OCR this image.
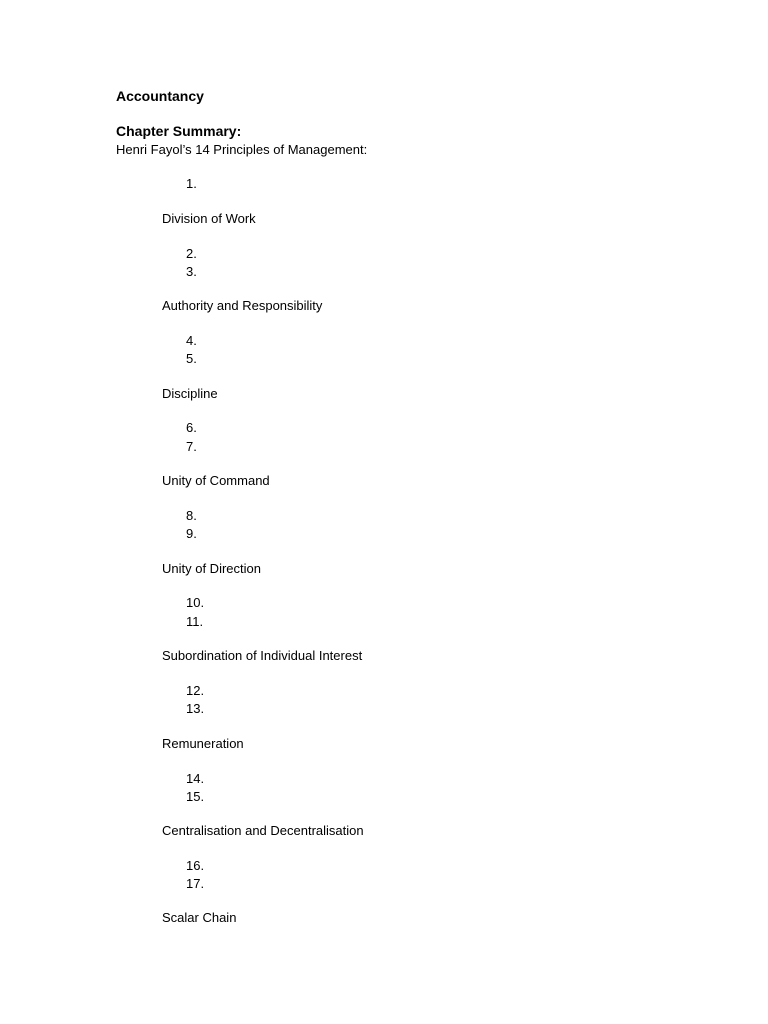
Accountancy
Chapter Summary:
Henri Fayol’s 14 Principles of Management:
1.
Division of Work
2.
3.
Authority and Responsibility
4.
5.
Discipline
6.
7.
Unity of Command
8.
9.
Unity of Direction
10.
11.
Subordination of Individual Interest
12.
13.
Remuneration
14.
15.
Centralisation and Decentralisation
16.
17.
Scalar Chain
